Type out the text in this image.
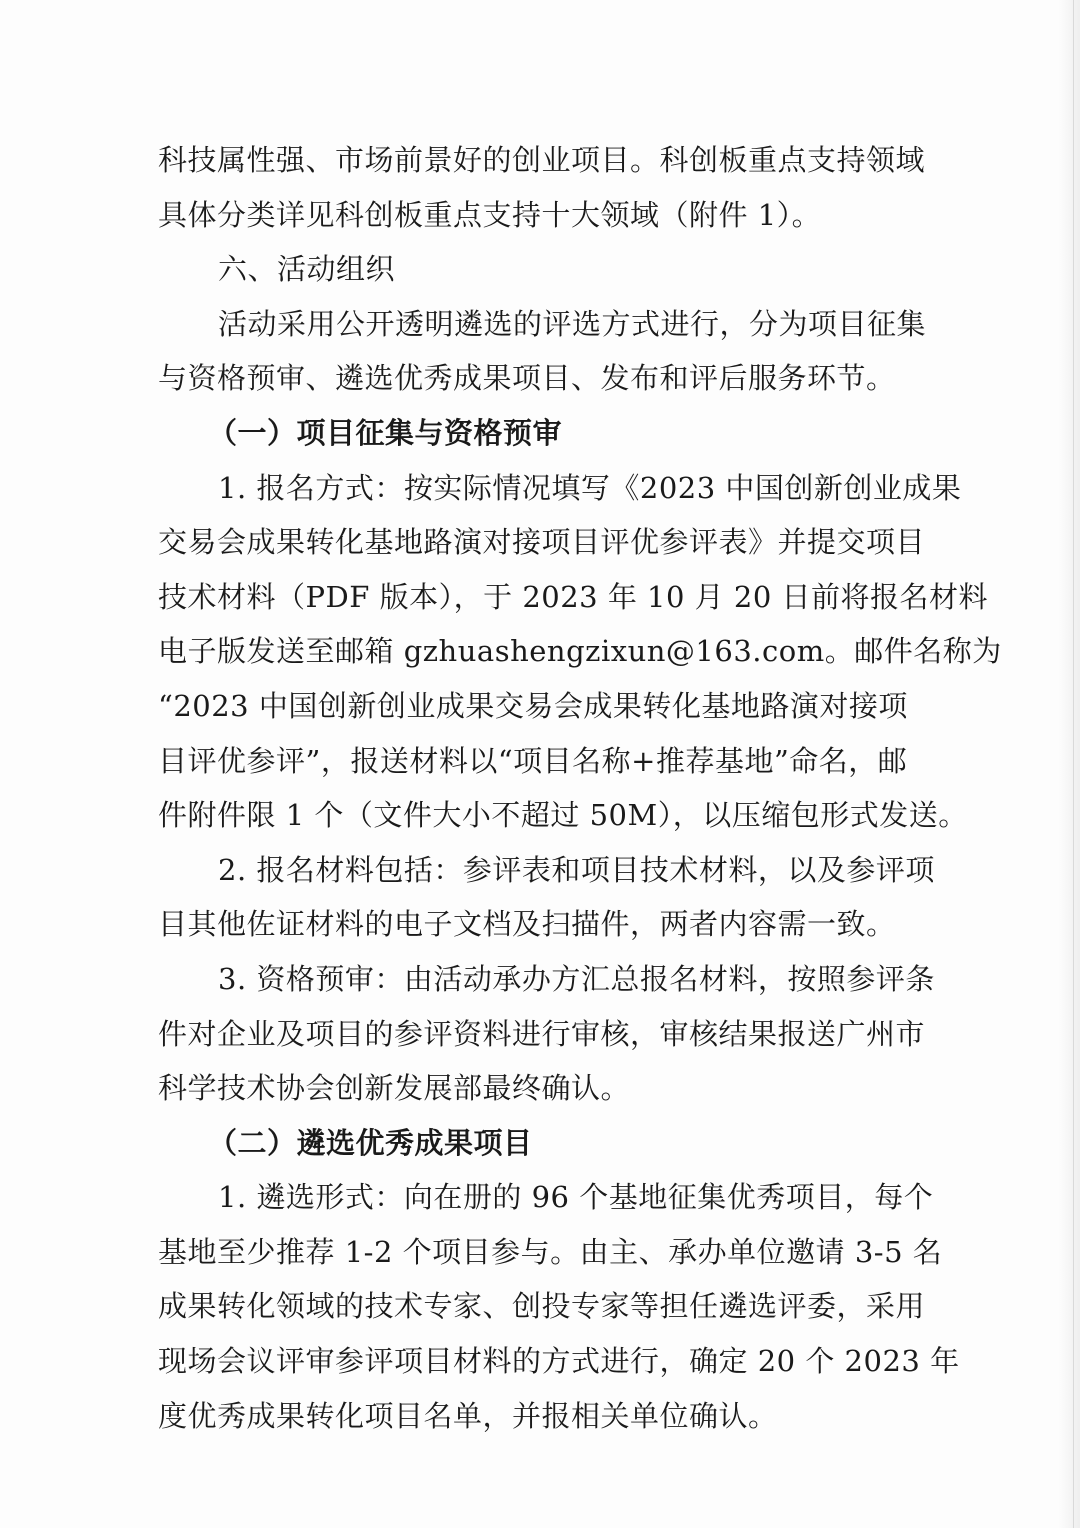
科技属性强、市场前景好的创业项目。科创板重点支持领域
具体分类详见科创板重点支持十大领域（附件 1）。
六、活动组织
活动采用公开透明遴选的评选方式进行，分为项目征集
与资格预审、遴选优秀成果项目、发布和评后服务环节。
（一）项目征集与资格预审
1. 报名方式：按实际情况填写《2023 中国创新创业成果
交易会成果转化基地路演对接项目评优参评表》并提交项目
技术材料（PDF 版本），于 2023 年 10 月 20 日前将报名材料
电子版发送至邮箱 gzhuashengzixun@163.com。邮件名称为
“2023 中国创新创业成果交易会成果转化基地路演对接项
目评优参评”，报送材料以“项目名称+推荐基地”命名，邮
件附件限 1 个（文件大小不超过 50M），以压缩包形式发送。
2. 报名材料包括：参评表和项目技术材料，以及参评项
目其他佐证材料的电子文档及扫描件，两者内容需一致。
3. 资格预审：由活动承办方汇总报名材料，按照参评条
件对企业及项目的参评资料进行审核，审核结果报送广州市
科学技术协会创新发展部最终确认。
（二）遴选优秀成果项目
1. 遴选形式：向在册的 96 个基地征集优秀项目，每个
基地至少推荐 1-2 个项目参与。由主、承办单位邀请 3-5 名
成果转化领域的技术专家、创投专家等担任遴选评委，采用
现场会议评审参评项目材料的方式进行，确定 20 个 2023 年
度优秀成果转化项目名单，并报相关单位确认。
